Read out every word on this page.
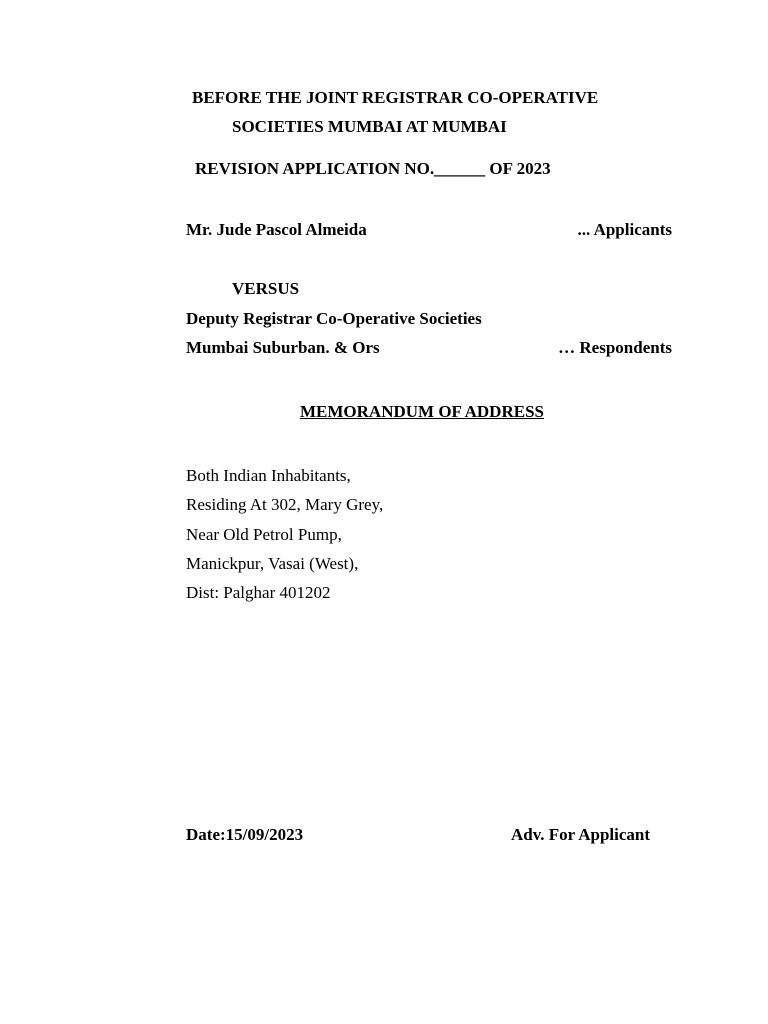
BEFORE THE JOINT REGISTRAR CO-OPERATIVE
SOCIETIES MUMBAI AT MUMBAI
REVISION APPLICATION NO.______ OF 2023
Mr. Jude Pascol Almeida	... Applicants
VERSUS
Deputy Registrar Co-Operative Societies
Mumbai Suburban. & Ors	… Respondents
MEMORANDUM OF ADDRESS
Both Indian Inhabitants,
Residing At 302, Mary Grey,
Near Old Petrol Pump,
Manickpur, Vasai (West),
Dist: Palghar 401202
Date:15/09/2023	Adv. For Applicant
